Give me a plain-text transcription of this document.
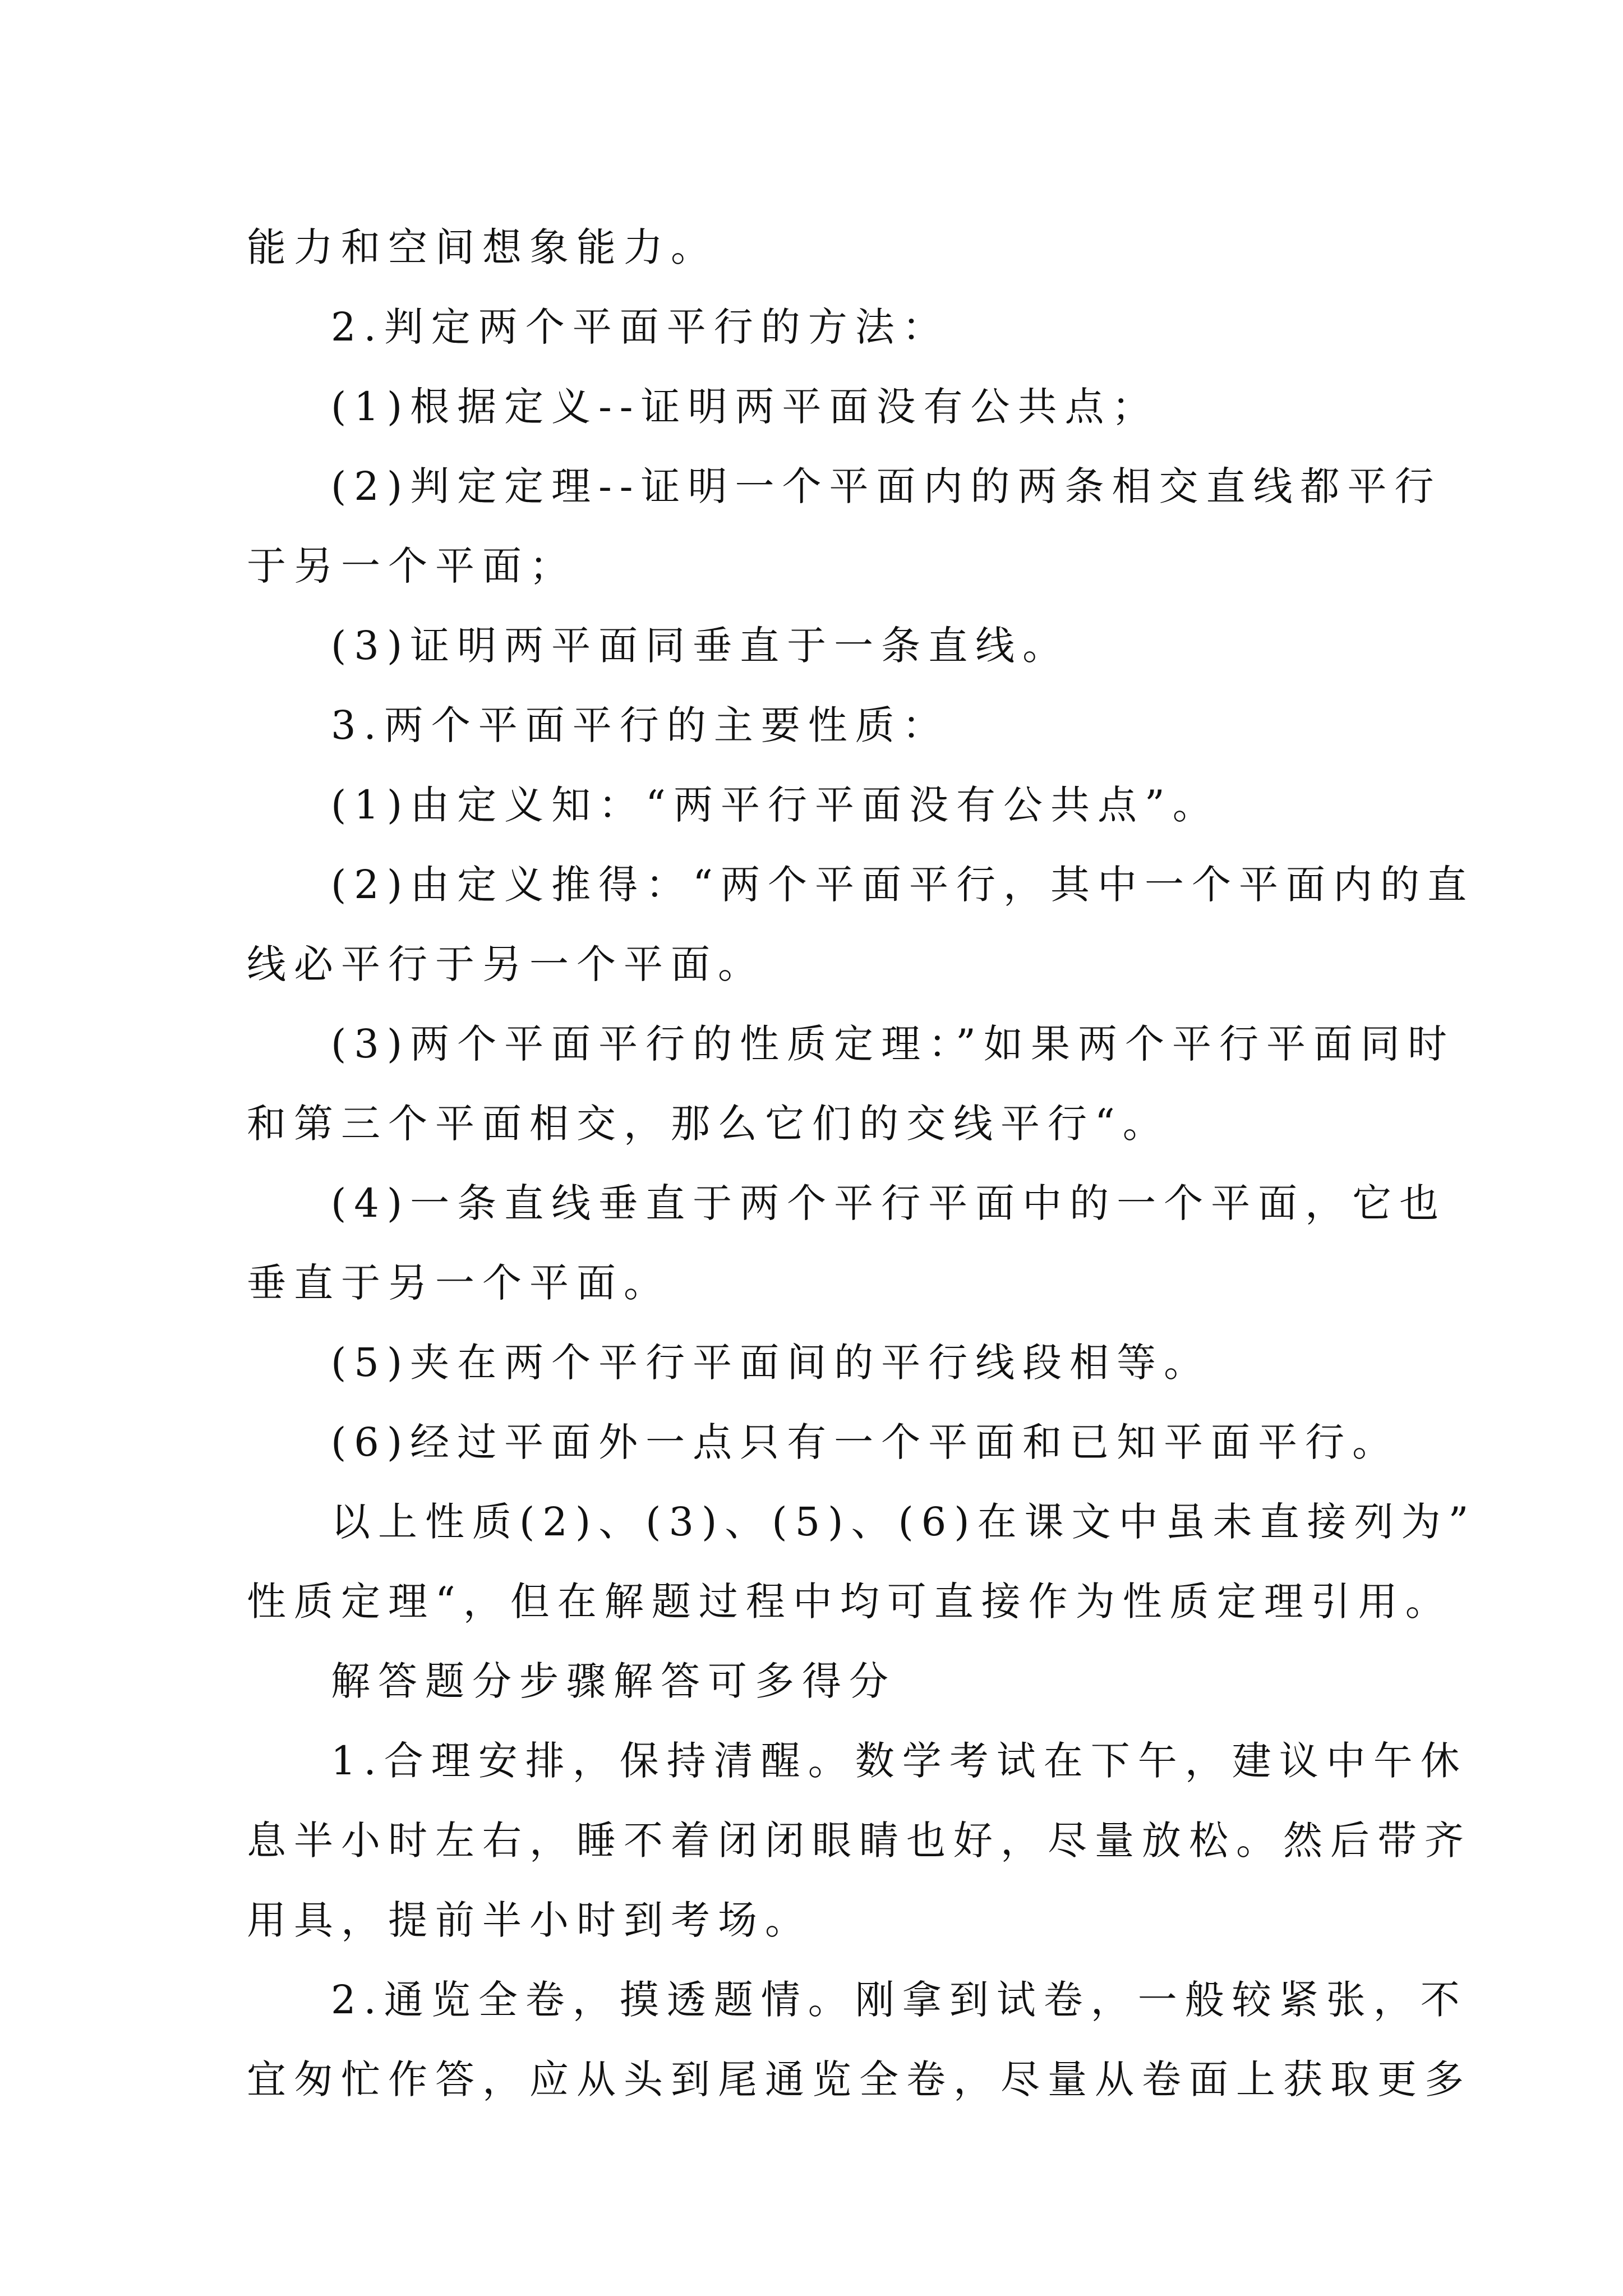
能力和空间想象能力。
2.判定两个平面平行的方法：
(1)根据定义--证明两平面没有公共点；
(2)判定定理--证明一个平面内的两条相交直线都平行
于另一个平面；
(3)证明两平面同垂直于一条直线。
3.两个平面平行的主要性质：
(1)由定义知：“两平行平面没有公共点”。
(2)由定义推得：“两个平面平行，其中一个平面内的直
线必平行于另一个平面。
(3)两个平面平行的性质定理：”如果两个平行平面同时
和第三个平面相交，那么它们的交线平行“。
(4)一条直线垂直于两个平行平面中的一个平面，它也
垂直于另一个平面。
(5)夹在两个平行平面间的平行线段相等。
(6)经过平面外一点只有一个平面和已知平面平行。
以上性质(2)、(3)、(5)、(6)在课文中虽未直接列为”
性质定理“，但在解题过程中均可直接作为性质定理引用。
解答题分步骤解答可多得分
1.合理安排，保持清醒。数学考试在下午，建议中午休
息半小时左右，睡不着闭闭眼睛也好，尽量放松。然后带齐
用具，提前半小时到考场。
2.通览全卷，摸透题情。刚拿到试卷，一般较紧张，不
宜匆忙作答，应从头到尾通览全卷，尽量从卷面上获取更多
